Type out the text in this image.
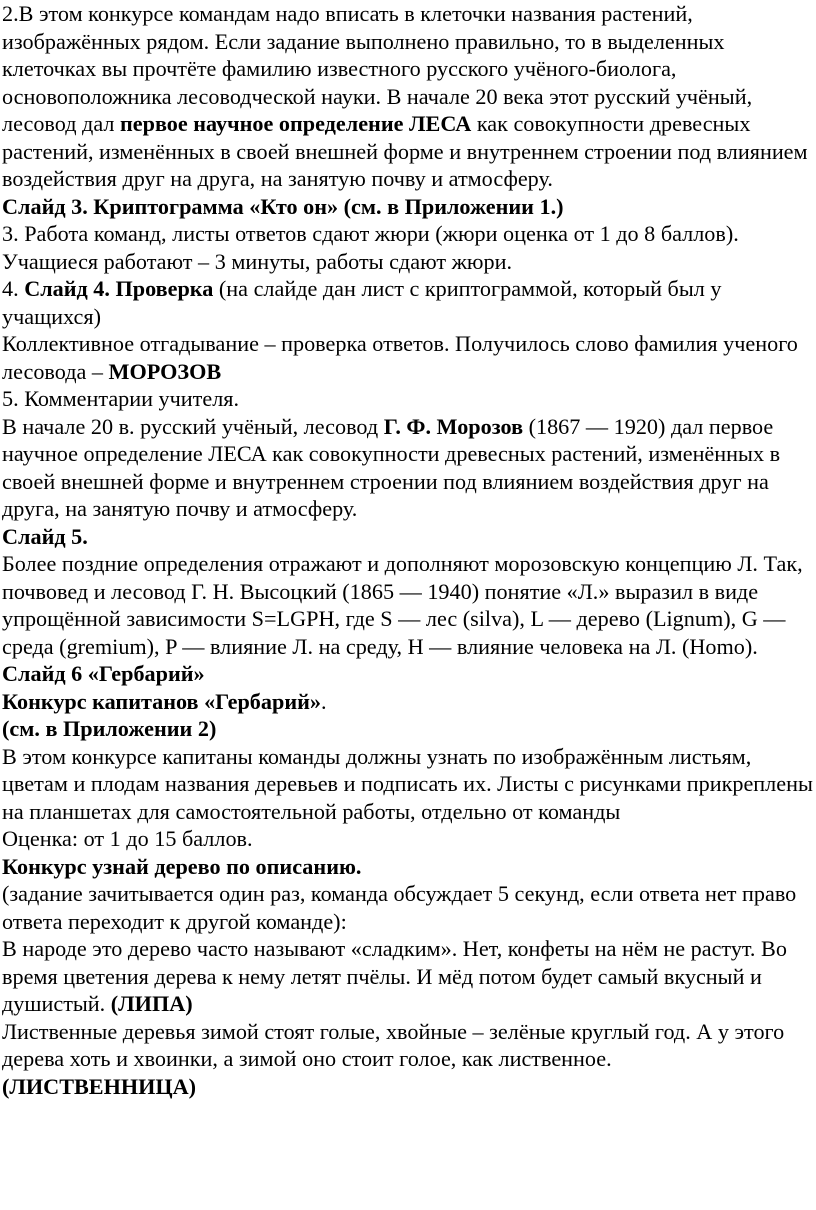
2.В этом конкурсе командам надо вписать в клеточки названия растений, изображённых рядом. Если задание выполнено правильно, то в выделенных клеточках вы прочтёте фамилию известного русского учёного-биолога, основоположника лесоводческой науки. В начале 20 века этот русский учёный, лесовод дал первое научное определение ЛЕСА как совокупности древесных растений, изменённых в своей внешней форме и внутреннем строении под влиянием воздействия друг на друга, на занятую почву и атмосферу.

Слайд 3. Криптограмма «Кто он» (см. в Приложении 1.)

3. Работа команд, листы ответов сдают жюри (жюри оценка от 1 до 8 баллов). Учащиеся работают – 3 минуты, работы сдают жюри.

4. Слайд 4. Проверка (на слайде дан лист с криптограммой, который был у учащихся)

Коллективное отгадывание – проверка ответов. Получилось слово фамилия ученого лесовода – МОРОЗОВ

5. Комментарии учителя.

В начале 20 в. русский учёный, лесовод Г. Ф. Морозов (1867 — 1920) дал первое научное определение ЛЕСА как совокупности древесных растений, изменённых в своей внешней форме и внутреннем строении под влиянием воздействия друг на друга, на занятую почву и атмосферу.

Слайд 5.

Более поздние определения отражают и дополняют морозовскую концепцию Л. Так, почвовед и лесовод Г. Н. Высоцкий (1865 — 1940) понятие «Л.» выразил в виде упрощённой зависимости S=LGPH, где S — лес (silva), L — дерево (Lignum), G — среда (gremium), P — влияние Л. на среду, H — влияние человека на Л. (Homo).

Слайд 6 «Гербарий»

Конкурс капитанов «Гербарий».

(см. в Приложении 2)

В этом конкурсе капитаны команды должны узнать по изображённым листьям, цветам и плодам названия деревьев и подписать их. Листы с рисунками прикреплены на планшетах для самостоятельной работы, отдельно от команды

Оценка: от 1 до 15 баллов.

Конкурс узнай дерево по описанию.

(задание зачитывается один раз, команда обсуждает 5 секунд, если ответа нет право ответа переходит к другой команде):

В народе это дерево часто называют «сладким». Нет, конфеты на нём не растут. Во время цветения дерева к нему летят пчёлы. И мёд потом будет самый вкусный и душистый. (ЛИПА)

Лиственные деревья зимой стоят голые, хвойные – зелёные круглый год. А у этого дерева хоть и хвоинки, а зимой оно стоит голое, как лиственное.

(ЛИСТВЕННИЦА)
